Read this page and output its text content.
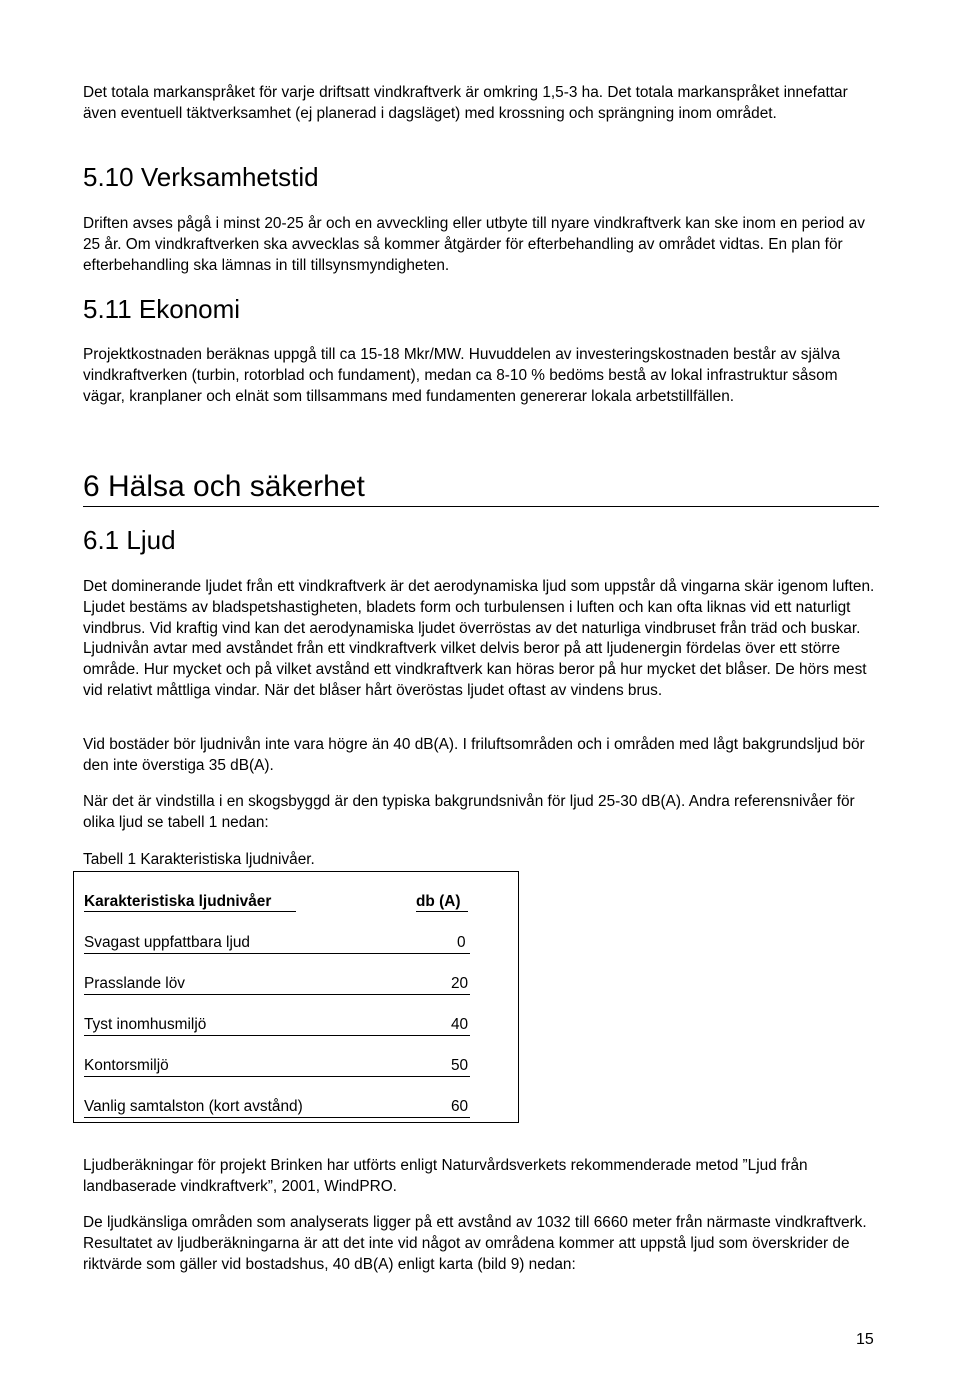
Det totala markanspråket för varje driftsatt vindkraftverk är omkring 1,5-3 ha. Det totala markanspråket innefattar även eventuell täktverksamhet (ej planerad i dagsläget) med krossning och sprängning inom området.
5.10 Verksamhetstid
Driften avses pågå i minst 20-25 år och en avveckling eller utbyte till nyare vindkraftverk kan ske inom en period av 25 år. Om vindkraftverken ska avvecklas så kommer åtgärder för efterbehandling av området vidtas. En plan för efterbehandling ska lämnas in till tillsynsmyndigheten.
5.11 Ekonomi
Projektkostnaden beräknas uppgå till ca 15-18 Mkr/MW. Huvuddelen av investeringskostnaden består av själva vindkraftverken (turbin, rotorblad och fundament), medan ca 8-10 % bedöms bestå av lokal infrastruktur såsom vägar, kranplaner och elnät som tillsammans med fundamenten genererar lokala arbetstillfällen.
6 Hälsa och säkerhet
6.1 Ljud
Det dominerande ljudet från ett vindkraftverk är det aerodynamiska ljud som uppstår då vingarna skär igenom luften. Ljudet bestäms av bladspetshastigheten, bladets form och turbulensen i luften och kan ofta liknas vid ett naturligt vindbrus. Vid kraftig vind kan det aerodynamiska ljudet överröstas av det naturliga vindbruset från träd och buskar. Ljudnivån avtar med avståndet från ett vindkraftverk vilket delvis beror på att ljudenergin fördelas över ett större område. Hur mycket och på vilket avstånd ett vindkraftverk kan höras beror på hur mycket det blåser. De hörs mest vid relativt måttliga vindar. När det blåser hårt överöstas ljudet oftast av vindens brus.
Vid bostäder bör ljudnivån inte vara högre än 40 dB(A). I friluftsområden och i områden med lågt bakgrundsljud bör den inte överstiga 35 dB(A).
När det är vindstilla i en skogsbyggd är den typiska bakgrundsnivån för ljud 25-30 dB(A). Andra referensnivåer för olika ljud se tabell 1 nedan:
Tabell 1 Karakteristiska ljudnivåer.
Karakteristiska ljudnivåer	db (A)
Svagast uppfattbara ljud	0
Prasslande löv	20
Tyst inomhusmiljö	40
Kontorsmiljö	50
Vanlig samtalston (kort avstånd)	60
Ljudberäkningar för projekt Brinken har utförts enligt Naturvårdsverkets rekommenderade metod ”Ljud från landbaserade vindkraftverk”, 2001, WindPRO.
De ljudkänsliga områden som analyserats ligger på ett avstånd av 1032 till 6660 meter från närmaste vindkraftverk. Resultatet av ljudberäkningarna är att det inte vid något av områdena kommer att uppstå ljud som överskrider de riktvärde som gäller vid bostadshus, 40 dB(A) enligt karta (bild 9) nedan:
15
